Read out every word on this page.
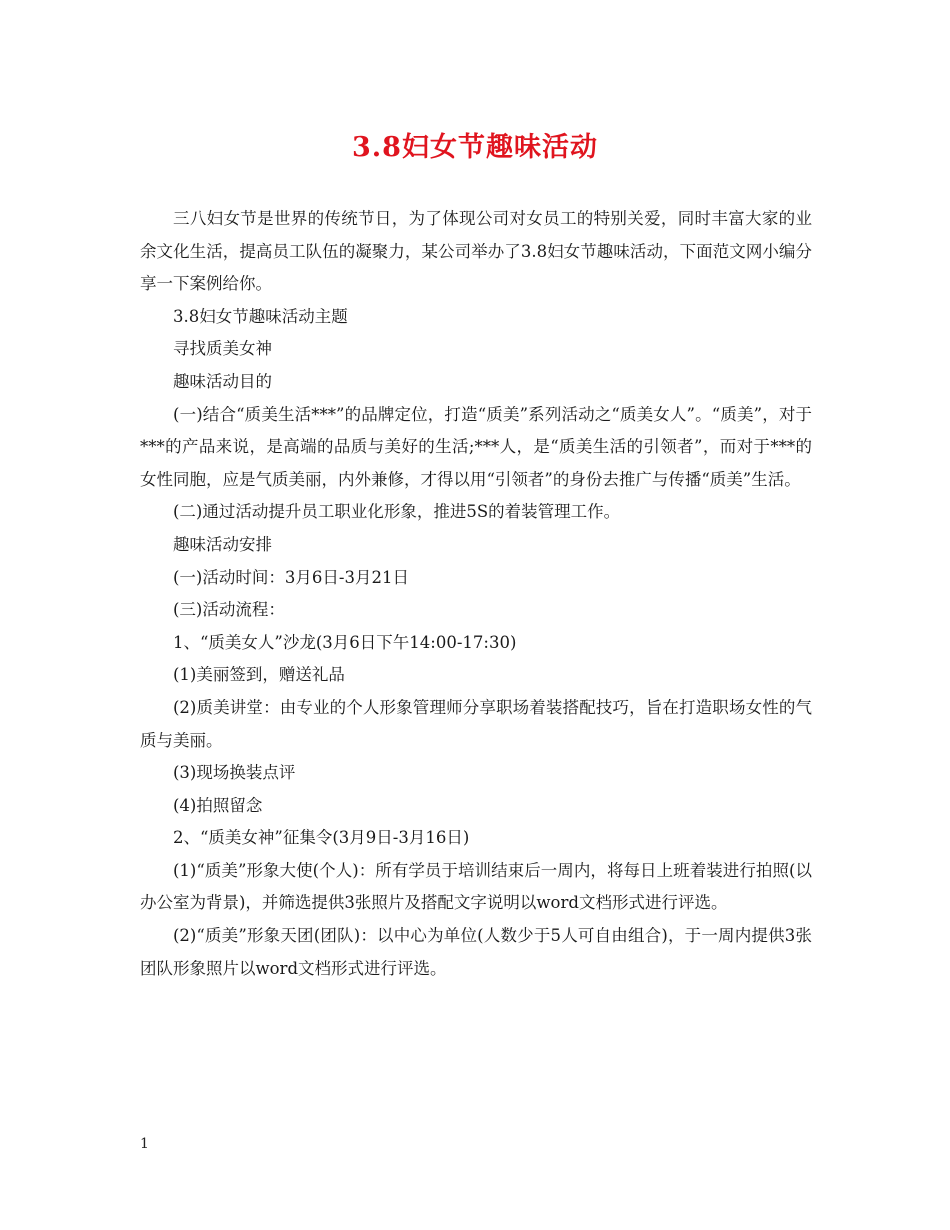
3.8妇女节趣味活动

三八妇女节是世界的传统节日，为了体现公司对女员工的特别关爱，同时丰富大家的业余文化生活，提高员工队伍的凝聚力，某公司举办了3.8妇女节趣味活动，下面范文网小编分享一下案例给你。

3.8妇女节趣味活动主题

寻找质美女神

趣味活动目的

(一)结合“质美生活***”的品牌定位，打造“质美”系列活动之“质美女人”。“质美”，对于***的产品来说，是高端的品质与美好的生活;***人，是“质美生活的引领者”，而对于***的女性同胞，应是气质美丽，内外兼修，才得以用“引领者”的身份去推广与传播“质美”生活。

(二)通过活动提升员工职业化形象，推进5S的着装管理工作。

趣味活动安排

(一)活动时间：3月6日-3月21日

(三)活动流程：

1、“质美女人”沙龙(3月6日下午14:00-17:30)

(1)美丽签到，赠送礼品

(2)质美讲堂：由专业的个人形象管理师分享职场着装搭配技巧，旨在打造职场女性的气质与美丽。

(3)现场换装点评

(4)拍照留念

2、“质美女神”征集令(3月9日-3月16日)

(1)“质美”形象大使(个人)：所有学员于培训结束后一周内，将每日上班着装进行拍照(以办公室为背景)，并筛选提供3张照片及搭配文字说明以word文档形式进行评选。

(2)“质美”形象天团(团队)：以中心为单位(人数少于5人可自由组合)，于一周内提供3张团队形象照片以word文档形式进行评选。

1
